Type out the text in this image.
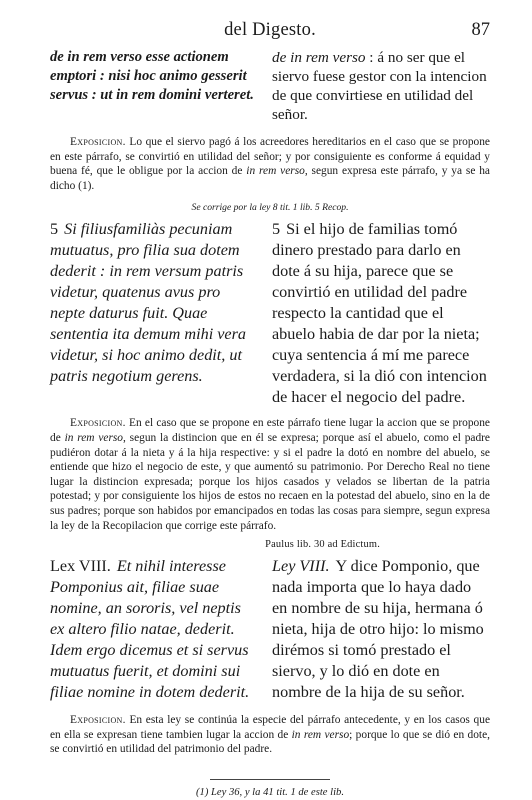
del Digesto.	87
de in rem verso esse actionem emptori : nisi hoc animo gesserit servus : ut in rem domini verteret.
de in rem verso : á no ser que el siervo fuese gestor con la intencion de que convirtiese en utilidad del señor.

Exposicion. Lo que el siervo pagó á los acreedores hereditarios en el caso que se propone en este párrafo, se convirtió en utilidad del señor; y por consiguiente es conforme á equidad y buena fé, que le obligue por la accion de in rem verso, segun expresa este párrafo, y ya se ha dicho (1).

Se corrige por la ley 8 tit. 1 lib. 5 Recop.
5 Si filiusfamiliàs pecuniam mutuatus, pro filia sua dotem dederit : in rem versum patris videtur, quatenus avus pro nepte daturus fuit. Quae sententia ita demum mihi vera videtur, si hoc animo dedit, ut patris negotium gerens.
5 Si el hijo de familias tomó dinero prestado para darlo en dote á su hija, parece que se convirtió en utilidad del padre respecto la cantidad que el abuelo habia de dar por la nieta; cuya sentencia á mí me parece verdadera, si la dió con intencion de hacer el negocio del padre.

Exposicion. En el caso que se propone en este párrafo tiene lugar la accion que se propone de in rem verso, segun la distincion que en él se expresa; porque así el abuelo, como el padre pudiéron dotar á la nieta y á la hija respective: y si el padre la dotó en nombre del abuelo, se entiende que hizo el negocio de este, y que aumentó su patrimonio. Por Derecho Real no tiene lugar la distincion expresada; porque los hijos casados y velados se libertan de la patria potestad; y por consiguiente los hijos de estos no recaen en la potestad del abuelo, sino en la de sus padres; porque son habidos por emancipados en todas las cosas para siempre, segun expresa la ley de la Recopilacion que corrige este párrafo.

Paulus lib. 30 ad Edictum.
Lex VIII. Et nihil interesse Pomponius ait, filiae suae nomine, an sororis, vel neptis ex altero filio natae, dederit. Idem ergo dicemus et si servus mutuatus fuerit, et domini sui filiae nomine in dotem dederit.
Ley VIII. Y dice Pomponio, que nada importa que lo haya dado en nombre de su hija, hermana ó nieta, hija de otro hijo: lo mismo dirémos si tomó prestado el siervo, y lo dió en dote en nombre de la hija de su señor.

Exposicion. En esta ley se continúa la especie del párrafo antecedente, y en los casos que en ella se expresan tiene tambien lugar la accion de in rem verso; porque lo que se dió en dote, se convirtió en utilidad del patrimonio del padre.

(1) Ley 36, y la 41 tit. 1 de este lib.
